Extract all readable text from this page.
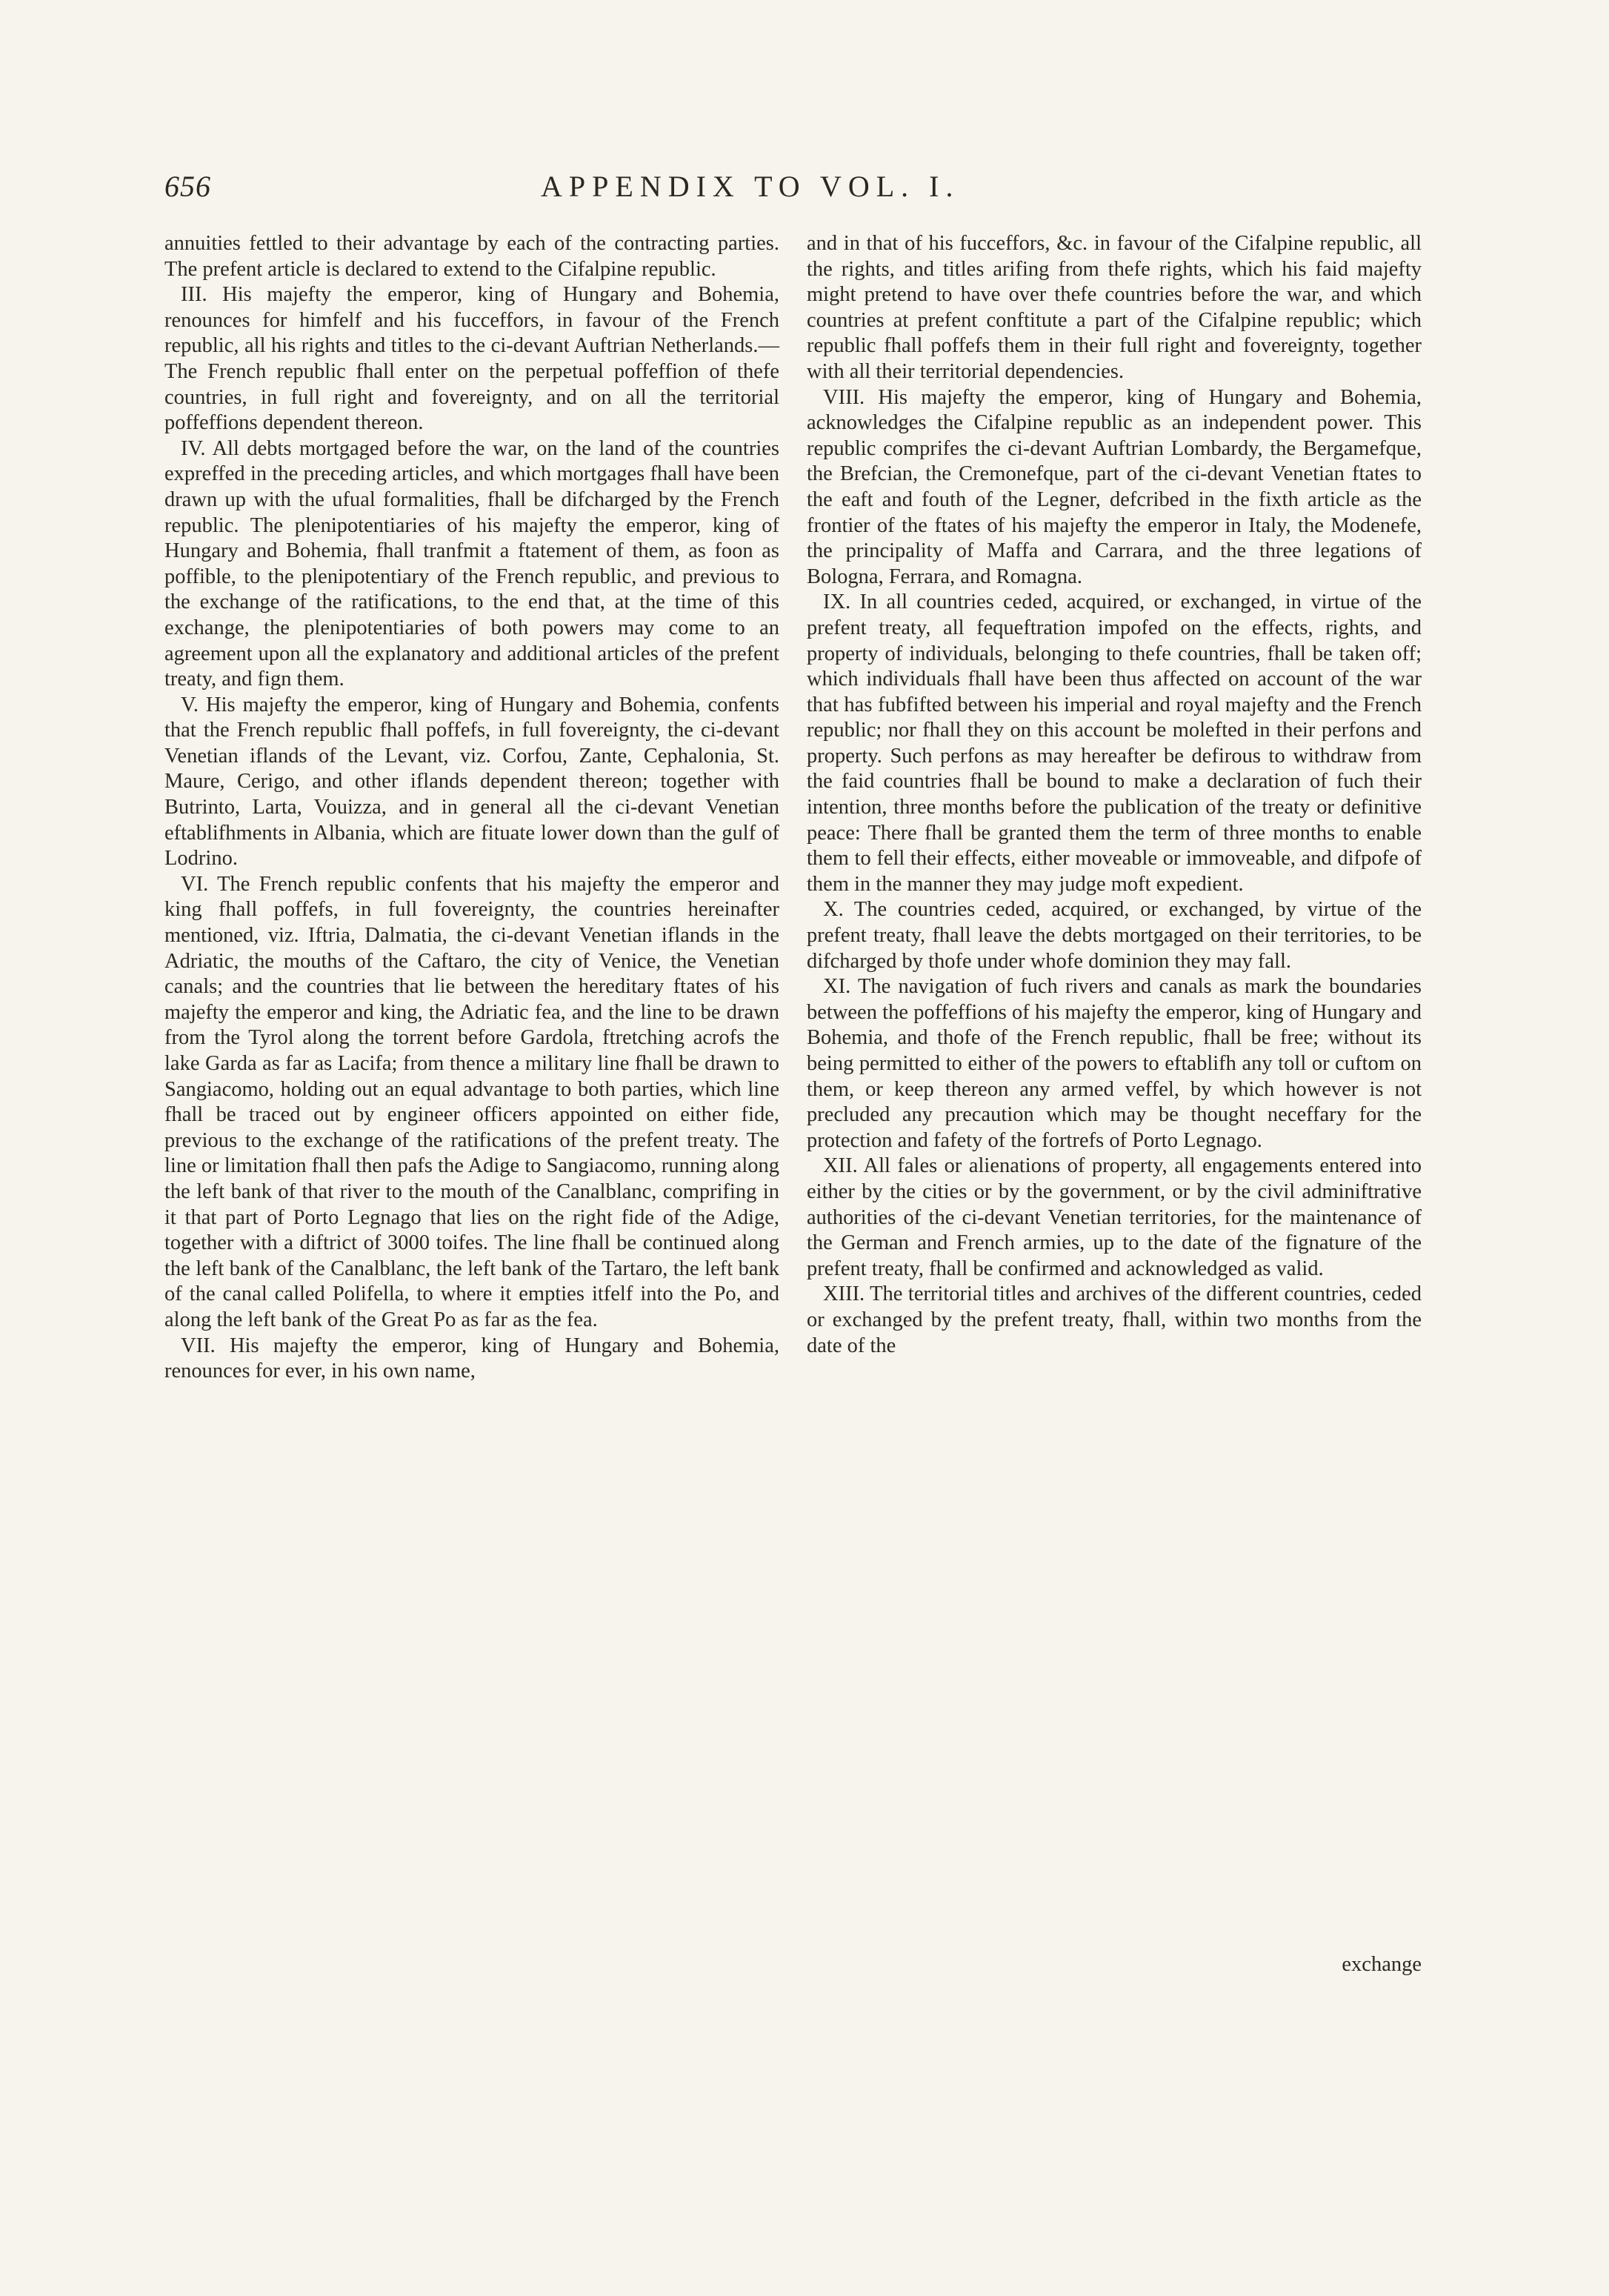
656	APPENDIX TO VOL. I.

annuities fettled to their advantage by each of the contracting parties. The prefent article is declared to extend to the Cifalpine republic.

III. His majefty the emperor, king of Hungary and Bohemia, renounces for himfelf and his fucceffors, in favour of the French republic, all his rights and titles to the ci-devant Auftrian Netherlands.—The French republic fhall enter on the perpetual poffeffion of thefe countries, in full right and fovereignty, and on all the territorial poffeffions dependent thereon.

IV. All debts mortgaged before the war, on the land of the countries expreffed in the preceding articles, and which mortgages fhall have been drawn up with the ufual formalities, fhall be difcharged by the French republic. The plenipotentiaries of his majefty the emperor, king of Hungary and Bohemia, fhall tranfmit a ftatement of them, as foon as poffible, to the plenipotentiary of the French republic, and previous to the exchange of the ratifications, to the end that, at the time of this exchange, the plenipotentiaries of both powers may come to an agreement upon all the explanatory and additional articles of the prefent treaty, and fign them.

V. His majefty the emperor, king of Hungary and Bohemia, confents that the French republic fhall poffefs, in full fovereignty, the ci-devant Venetian iflands of the Levant, viz. Corfou, Zante, Cephalonia, St. Maure, Cerigo, and other iflands dependent thereon; together with Butrinto, Larta, Vouizza, and in general all the ci-devant Venetian eftablifhments in Albania, which are fituate lower down than the gulf of Lodrino.

VI. The French republic confents that his majefty the emperor and king fhall poffefs, in full fovereignty, the countries hereinafter mentioned, viz. Iftria, Dalmatia, the ci-devant Venetian iflands in the Adriatic, the mouths of the Caftaro, the city of Venice, the Venetian canals; and the countries that lie between the hereditary ftates of his majefty the emperor and king, the Adriatic fea, and the line to be drawn from the Tyrol along the torrent before Gardola, ftretching acrofs the lake Garda as far as Lacifa; from thence a military line fhall be drawn to Sangiacomo, holding out an equal advantage to both parties, which line fhall be traced out by engineer officers appointed on either fide, previous to the exchange of the ratifications of the prefent treaty. The line or limitation fhall then pafs the Adige to Sangiacomo, running along the left bank of that river to the mouth of the Canalblanc, comprifing in it that part of Porto Legnago that lies on the right fide of the Adige, together with a diftrict of 3000 toifes. The line fhall be continued along the left bank of the Canalblanc, the left bank of the Tartaro, the left bank of the canal called Polifella, to where it empties itfelf into the Po, and along the left bank of the Great Po as far as the fea.

VII. His majefty the emperor, king of Hungary and Bohemia, renounces for ever, in his own name,

and in that of his fucceffors, &c. in favour of the Cifalpine republic, all the rights, and titles arifing from thefe rights, which his faid majefty might pretend to have over thefe countries before the war, and which countries at prefent conftitute a part of the Cifalpine republic; which republic fhall poffefs them in their full right and fovereignty, together with all their territorial dependencies.

VIII. His majefty the emperor, king of Hungary and Bohemia, acknowledges the Cifalpine republic as an independent power. This republic comprifes the ci-devant Auftrian Lombardy, the Bergamefque, the Brefcian, the Cremonefque, part of the ci-devant Venetian ftates to the eaft and fouth of the Legner, defcribed in the fixth article as the frontier of the ftates of his majefty the emperor in Italy, the Modenefe, the principality of Maffa and Carrara, and the three legations of Bologna, Ferrara, and Romagna.

IX. In all countries ceded, acquired, or exchanged, in virtue of the prefent treaty, all fequeftration impofed on the effects, rights, and property of individuals, belonging to thefe countries, fhall be taken off; which individuals fhall have been thus affected on account of the war that has fubfifted between his imperial and royal majefty and the French republic; nor fhall they on this account be molefted in their perfons and property. Such perfons as may hereafter be defirous to withdraw from the faid countries fhall be bound to make a declaration of fuch their intention, three months before the publication of the treaty or definitive peace: There fhall be granted them the term of three months to enable them to fell their effects, either moveable or immoveable, and difpofe of them in the manner they may judge moft expedient.

X. The countries ceded, acquired, or exchanged, by virtue of the prefent treaty, fhall leave the debts mortgaged on their territories, to be difcharged by thofe under whofe dominion they may fall.

XI. The navigation of fuch rivers and canals as mark the boundaries between the poffeffions of his majefty the emperor, king of Hungary and Bohemia, and thofe of the French republic, fhall be free; without its being permitted to either of the powers to eftablifh any toll or cuftom on them, or keep thereon any armed veffel, by which however is not precluded any precaution which may be thought neceffary for the protection and fafety of the fortrefs of Porto Legnago.

XII. All fales or alienations of property, all engagements entered into either by the cities or by the government, or by the civil adminiftrative authorities of the ci-devant Venetian territories, for the maintenance of the German and French armies, up to the date of the fignature of the prefent treaty, fhall be confirmed and acknowledged as valid.

XIII. The territorial titles and archives of the different countries, ceded or exchanged by the prefent treaty, fhall, within two months from the date of the

exchange
